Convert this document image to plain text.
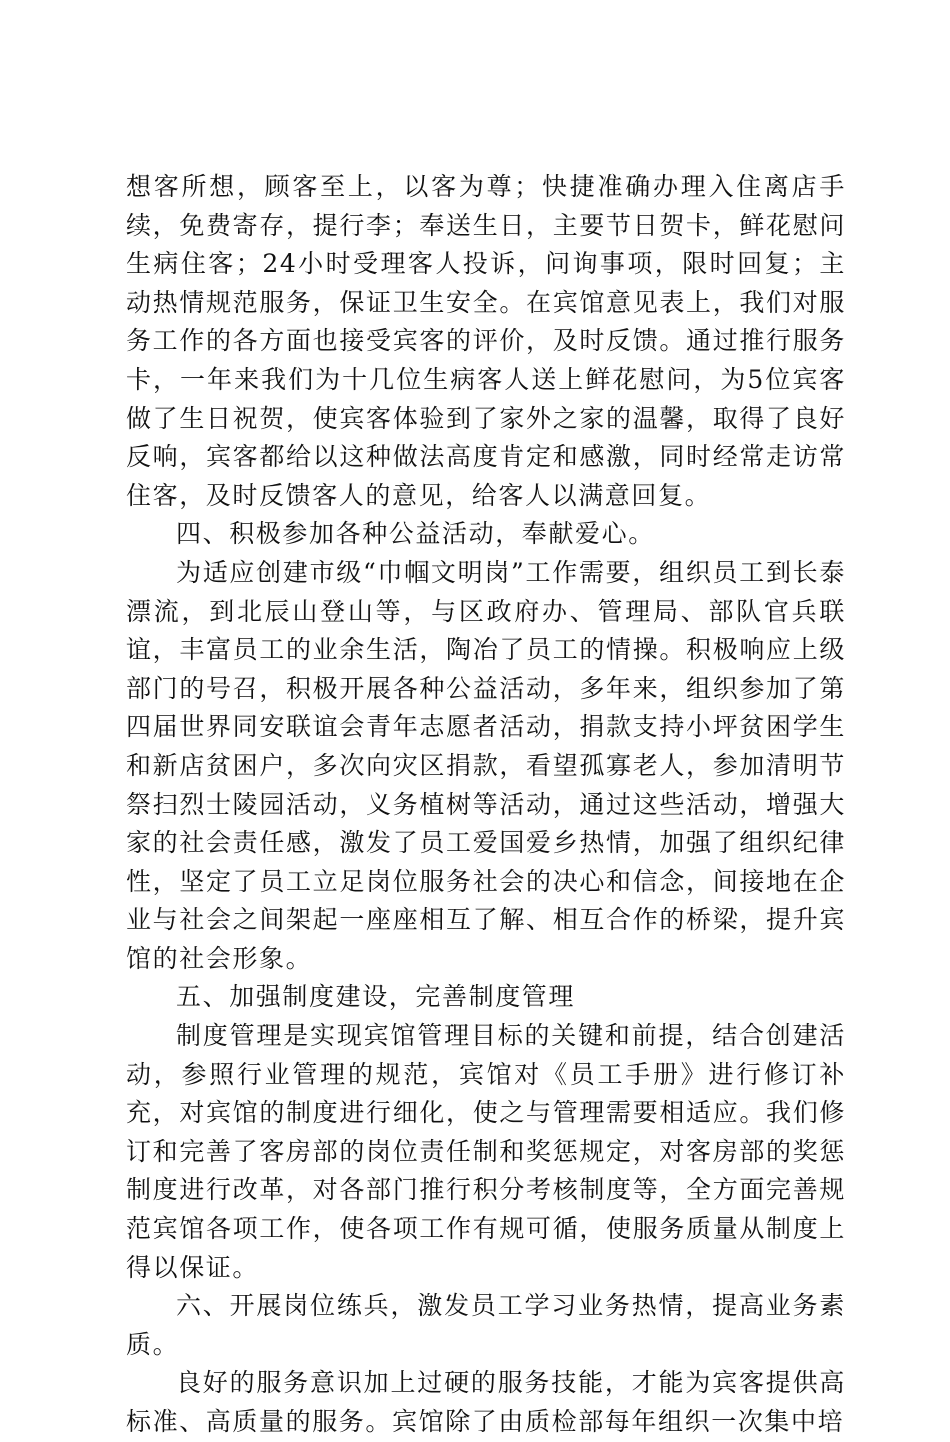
想客所想，顾客至上，以客为尊；快捷准确办理入住离店手续，免费寄存，提行李；奉送生日，主要节日贺卡，鲜花慰问生病住客；24小时受理客人投诉，问询事项，限时回复；主动热情规范服务，保证卫生安全。在宾馆意见表上，我们对服务工作的各方面也接受宾客的评价，及时反馈。通过推行服务卡，一年来我们为十几位生病客人送上鲜花慰问，为5位宾客做了生日祝贺，使宾客体验到了家外之家的温馨，取得了良好反响，宾客都给以这种做法高度肯定和感激，同时经常走访常住客，及时反馈客人的意见，给客人以满意回复。

四、积极参加各种公益活动，奉献爱心。

为适应创建市级“巾帼文明岗”工作需要，组织员工到长泰漂流，到北辰山登山等，与区政府办、管理局、部队官兵联谊，丰富员工的业余生活，陶冶了员工的情操。积极响应上级部门的号召，积极开展各种公益活动，多年来，组织参加了第四届世界同安联谊会青年志愿者活动，捐款支持小坪贫困学生和新店贫困户，多次向灾区捐款，看望孤寡老人，参加清明节祭扫烈士陵园活动，义务植树等活动，通过这些活动，增强大家的社会责任感，激发了员工爱国爱乡热情，加强了组织纪律性，坚定了员工立足岗位服务社会的决心和信念，间接地在企业与社会之间架起一座座相互了解、相互合作的桥梁，提升宾馆的社会形象。

五、加强制度建设，完善制度管理

制度管理是实现宾馆管理目标的关键和前提，结合创建活动，参照行业管理的规范，宾馆对《员工手册》进行修订补充，对宾馆的制度进行细化，使之与管理需要相适应。我们修订和完善了客房部的岗位责任制和奖惩规定，对客房部的奖惩制度进行改革，对各部门推行积分考核制度等，全方面完善规范宾馆各项工作，使各项工作有规可循，使服务质量从制度上得以保证。

六、开展岗位练兵，激发员工学习业务热情，提高业务素质。

良好的服务意识加上过硬的服务技能，才能为宾客提供高标准、高质量的服务。宾馆除了由质检部每年组织一次集中培
